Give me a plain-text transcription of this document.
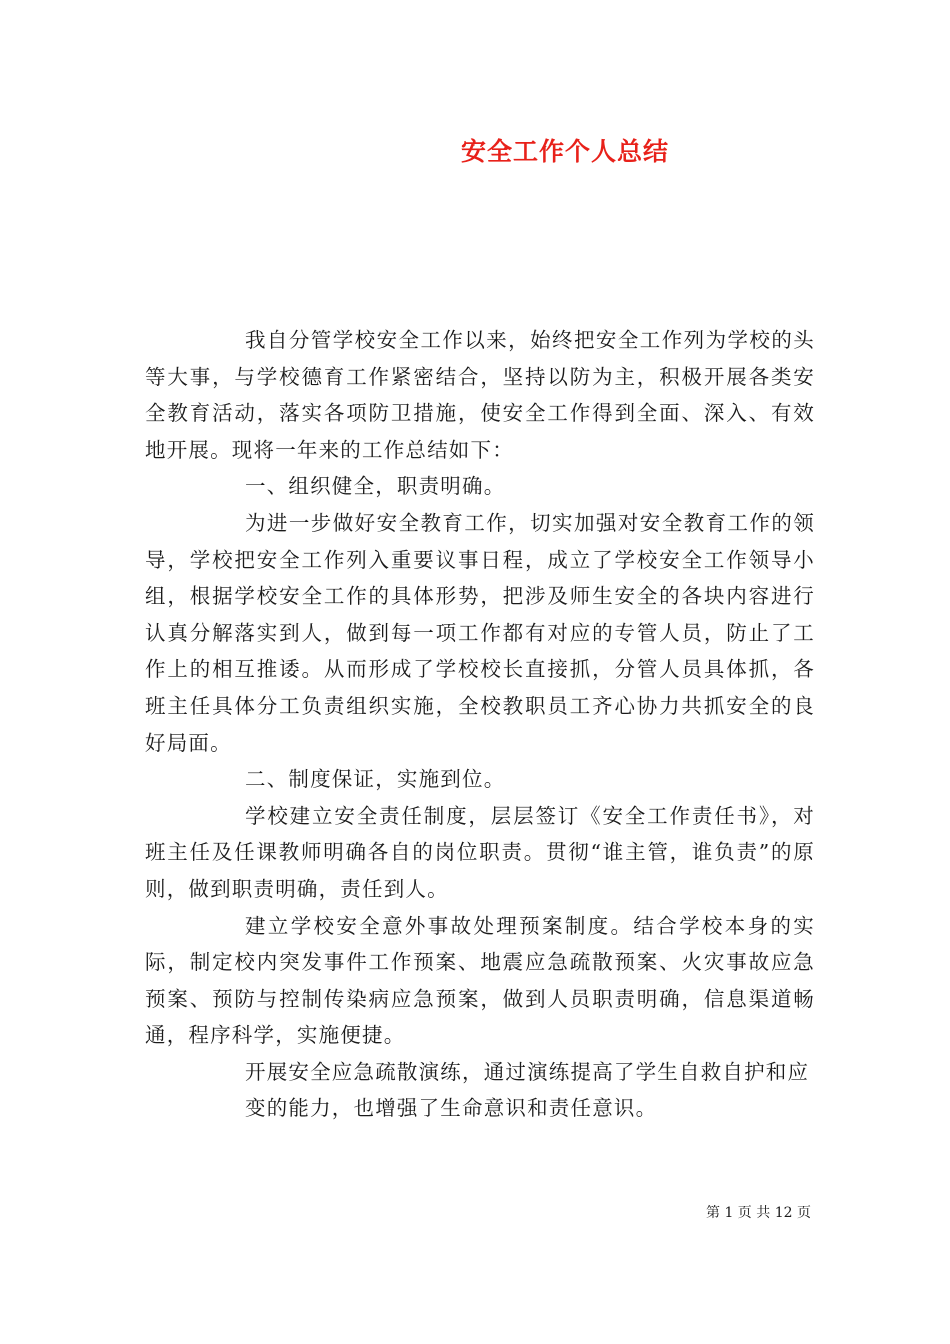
安全工作个人总结

我自分管学校安全工作以来，始终把安全工作列为学校的头等大事，与学校德育工作紧密结合，坚持以防为主，积极开展各类安全教育活动，落实各项防卫措施，使安全工作得到全面、深入、有效地开展。现将一年来的工作总结如下：

一、组织健全，职责明确。

为进一步做好安全教育工作，切实加强对安全教育工作的领导，学校把安全工作列入重要议事日程，成立了学校安全工作领导小组，根据学校安全工作的具体形势，把涉及师生安全的各块内容进行认真分解落实到人，做到每一项工作都有对应的专管人员，防止了工作上的相互推诿。从而形成了学校校长直接抓，分管人员具体抓，各班主任具体分工负责组织实施，全校教职员工齐心协力共抓安全的良好局面。

二、制度保证，实施到位。

学校建立安全责任制度，层层签订《安全工作责任书》，对班主任及任课教师明确各自的岗位职责。贯彻“谁主管，谁负责”的原则，做到职责明确，责任到人。

建立学校安全意外事故处理预案制度。结合学校本身的实际，制定校内突发事件工作预案、地震应急疏散预案、火灾事故应急预案、预防与控制传染病应急预案，做到人员职责明确，信息渠道畅通，程序科学，实施便捷。

开展安全应急疏散演练，通过演练提高了学生自救自护和应

变的能力，也增强了生命意识和责任意识。

第 1 页 共 12 页
